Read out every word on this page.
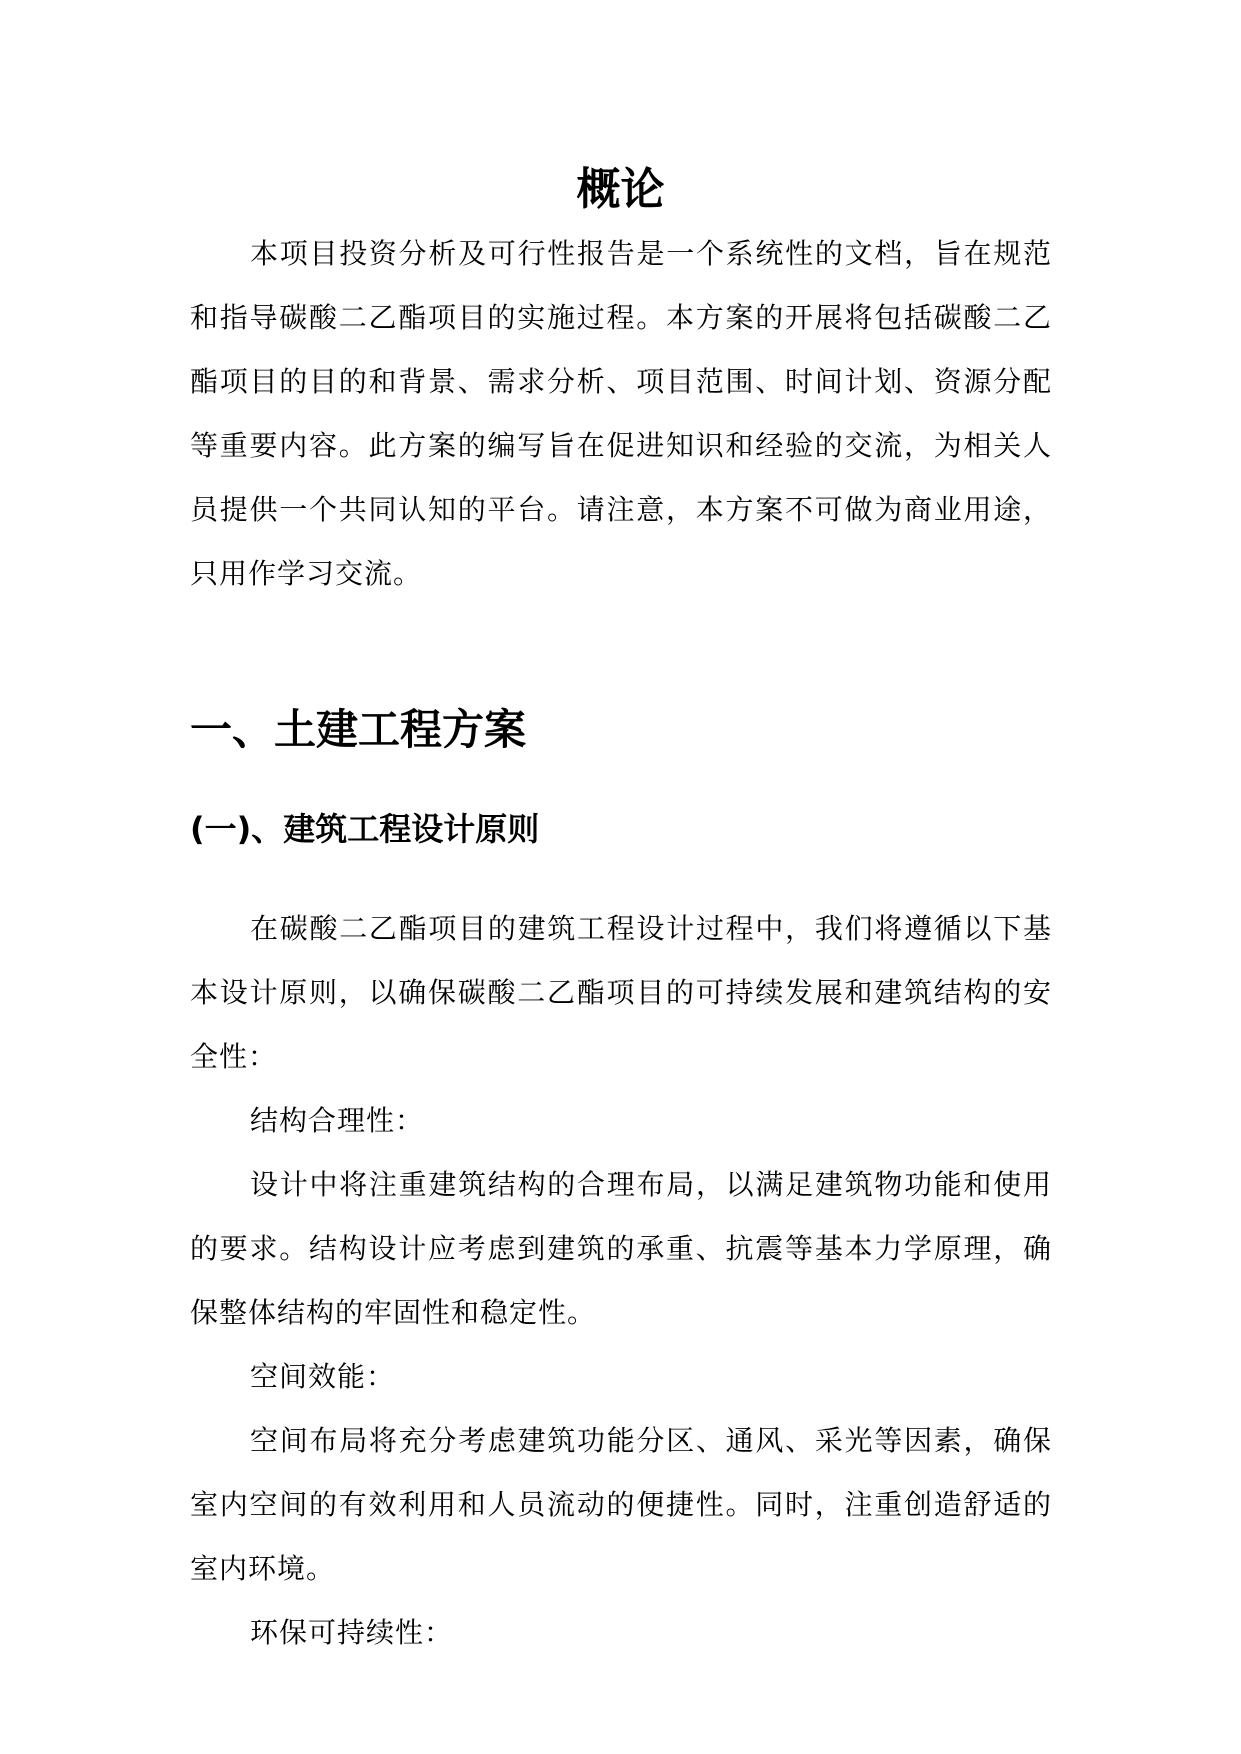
概论

本项目投资分析及可行性报告是一个系统性的文档，旨在规范和指导碳酸二乙酯项目的实施过程。本方案的开展将包括碳酸二乙酯项目的目的和背景、需求分析、项目范围、时间计划、资源分配等重要内容。此方案的编写旨在促进知识和经验的交流，为相关人员提供一个共同认知的平台。请注意，本方案不可做为商业用途，只用作学习交流。

一、土建工程方案
(一)、建筑工程设计原则

在碳酸二乙酯项目的建筑工程设计过程中，我们将遵循以下基本设计原则，以确保碳酸二乙酯项目的可持续发展和建筑结构的安全性：

结构合理性：

设计中将注重建筑结构的合理布局，以满足建筑物功能和使用的要求。结构设计应考虑到建筑的承重、抗震等基本力学原理，确保整体结构的牢固性和稳定性。

空间效能：

空间布局将充分考虑建筑功能分区、通风、采光等因素，确保室内空间的有效利用和人员流动的便捷性。同时，注重创造舒适的室内环境。

环保可持续性：
